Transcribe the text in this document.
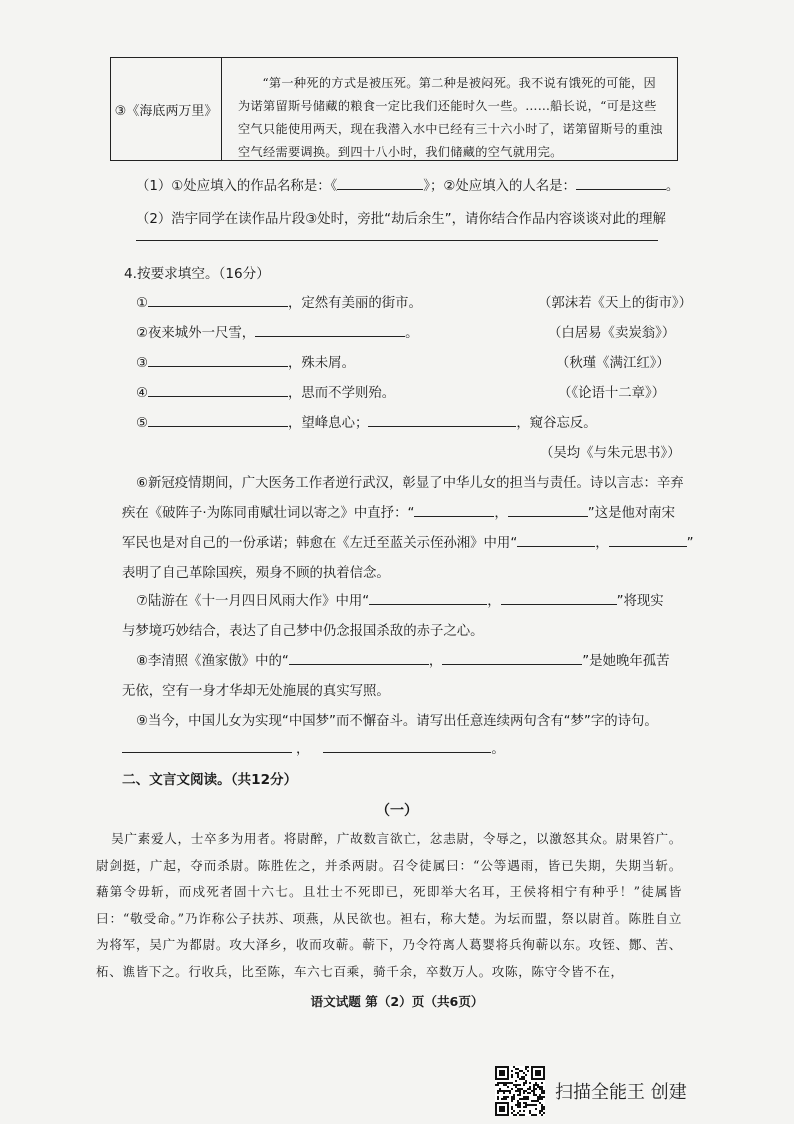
③《海底两万里》

“第一种死的方式是被压死。第二种是被闷死。我不说有饿死的可能，因为诺第留斯号储藏的粮食一定比我们还能时久一些。……船长说，“可是这些空气只能使用两天，现在我潜入水中已经有三十六小时了，诺第留斯号的重浊空气经需要调换。到四十八小时，我们储藏的空气就用完。

（1）①处应填入的作品名称是：《	》；②处应填入的人名是：	。
（2）浩宇同学在读作品片段③处时，旁批“劫后余生”，请你结合作品内容谈谈对此的理解
4.按要求填空。（16分）
①	，定然有美丽的街市。	（郭沫若《天上的街市》）
②夜来城外一尺雪，	。	（白居易《卖炭翁》）
③	，殊未屑。	（秋瑾《满江红》）
④	，思而不学则殆。	（《论语十二章》）
⑤	，望峰息心；	，窥谷忘反。
（吴均《与朱元思书》）
⑥新冠疫情期间，广大医务工作者逆行武汉，彰显了中华儿女的担当与责任。诗以言志：辛弃
疾在《破阵子·为陈同甫赋壮词以寄之》中直抒：“	，	”这是他对南宋
军民也是对自己的一份承诺；韩愈在《左迁至蓝关示侄孙湘》中用“	，	”
表明了自己革除国疾，殒身不顾的执着信念。
⑦陆游在《十一月四日风雨大作》中用“	，	”将现实
与梦境巧妙结合，表达了自己梦中仍念报国杀敌的赤子之心。
⑧李清照《渔家傲》中的“	，	”是她晚年孤苦
无依，空有一身才华却无处施展的真实写照。
⑨当今，中国儿女为实现“中国梦”而不懈奋斗。请写出任意连续两句含有“梦”字的诗句。
，	。
二、文言文阅读。（共12分）
（一）

吴广素爱人，士卒多为用者。将尉醉，广故数言欲亡，忿恚尉，令辱之，以激怒其众。尉果笞广。尉剑挺，广起，夺而杀尉。陈胜佐之，并杀两尉。召令徒属曰：“公等遇雨，皆已失期，失期当斩。藉第令毋斩，而戍死者固十六七。且壮士不死即已，死即举大名耳，王侯将相宁有种乎！”徒属皆曰：“敬受命。”乃诈称公子扶苏、项燕，从民欲也。袒右，称大楚。为坛而盟，祭以尉首。陈胜自立为将军，吴广为都尉。攻大泽乡，收而攻蕲。蕲下，乃令符离人葛婴将兵徇蕲以东。攻铚、酂、苦、柘、谯皆下之。行收兵，比至陈，车六七百乘，骑千余，卒数万人。攻陈，陈守令皆不在，

语文试题 第（2）页（共6页）
扫描全能王 创建
